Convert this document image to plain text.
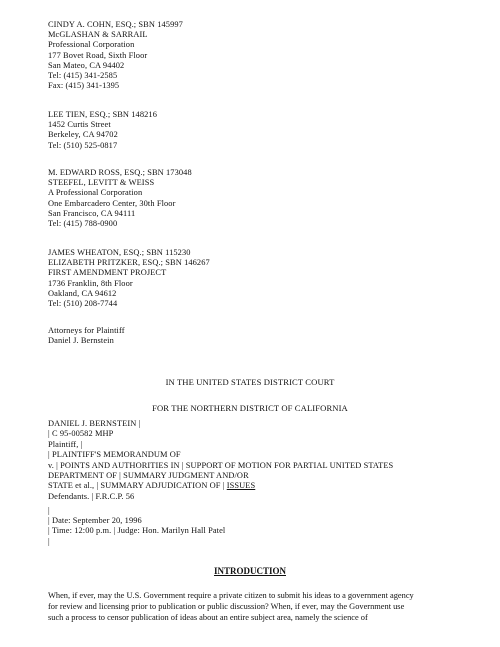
CINDY A. COHN, ESQ.; SBN 145997
McGLASHAN & SARRAIL
Professional Corporation
177 Bovet Road, Sixth Floor
San Mateo, CA 94402
Tel: (415) 341-2585
Fax: (415) 341-1395
LEE TIEN, ESQ.; SBN 148216
1452 Curtis Street
Berkeley, CA 94702
Tel: (510) 525-0817
M. EDWARD ROSS, ESQ.; SBN 173048
STEEFEL, LEVITT & WEISS
A Professional Corporation
One Embarcadero Center, 30th Floor
San Francisco, CA 94111
Tel: (415) 788-0900
JAMES WHEATON, ESQ.; SBN 115230
ELIZABETH PRITZKER, ESQ.; SBN 146267
FIRST AMENDMENT PROJECT
1736 Franklin, 8th Floor
Oakland, CA 94612
Tel: (510) 208-7744
Attorneys for Plaintiff
Daniel J. Bernstein
IN THE UNITED STATES DISTRICT COURT
FOR THE NORTHERN DISTRICT OF CALIFORNIA
DANIEL J. BERNSTEIN |
| C 95-00582 MHP
Plaintiff, |
| PLAINTIFF'S MEMORANDUM OF
v. | POINTS AND AUTHORITIES IN | SUPPORT OF MOTION FOR PARTIAL UNITED STATES
DEPARTMENT OF | SUMMARY JUDGMENT AND/OR
STATE et al., | SUMMARY ADJUDICATION OF | ISSUES
Defendants. | F.R.C.P. 56
|
| Date: September 20, 1996
| Time: 12:00 p.m. | Judge: Hon. Marilyn Hall Patel
|
INTRODUCTION
When, if ever, may the U.S. Government require a private citizen to submit his ideas to a government agency
for review and licensing prior to publication or public discussion? When, if ever, may the Government use
such a process to censor publication of ideas about an entire subject area, namely the science of
